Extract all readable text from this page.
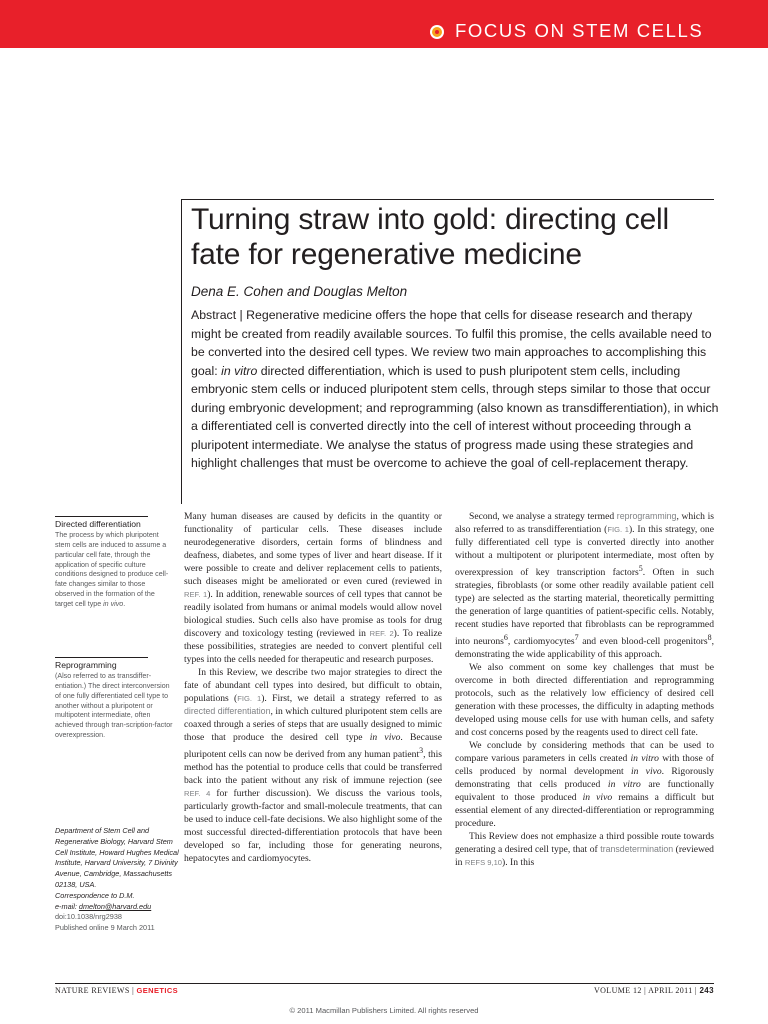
FOCUS ON STEM CELLS
Turning straw into gold: directing cell fate for regenerative medicine
Dena E. Cohen and Douglas Melton
Abstract | Regenerative medicine offers the hope that cells for disease research and therapy might be created from readily available sources. To fulfil this promise, the cells available need to be converted into the desired cell types. We review two main approaches to accomplishing this goal: in vitro directed differentiation, which is used to push pluripotent stem cells, including embryonic stem cells or induced pluripotent stem cells, through steps similar to those that occur during embryonic development; and reprogramming (also known as transdifferentiation), in which a differentiated cell is converted directly into the cell of interest without proceeding through a pluripotent intermediate. We analyse the status of progress made using these strategies and highlight challenges that must be overcome to achieve the goal of cell-replacement therapy.

Directed differentiation

The process by which pluripotent stem cells are induced to assume a particular cell fate, through the application of specific culture conditions designed to produce cell-fate changes similar to those observed in the formation of the target cell type in vivo.

Reprogramming

(Also referred to as transdiffer-entiation.) The direct interconversion of one fully differentiated cell type to another without a pluripotent or multipotent intermediate, often achieved through tran-scription-factor overexpression.

Department of Stem Cell and Regenerative Biology, Harvard Stem Cell Institute, Howard Hughes Medical Institute, Harvard University, 7 Divinity Avenue, Cambridge, Massachusetts 02138, USA.
Correspondence to D.M.
e-mail: dmelton@harvard.edu
doi:10.1038/nrg2938
Published online 9 March 2011

Many human diseases are caused by deficits in the quantity or functionality of particular cells. These diseases include neurodegenerative disorders, certain forms of blindness and deafness, diabetes, and some types of liver and heart disease. If it were possible to create and deliver replacement cells to patients, such diseases might be ameliorated or even cured (reviewed in REF. 1). In addition, renewable sources of cell types that cannot be readily isolated from humans or animal models would allow novel biological studies. Such cells also have promise as tools for drug discovery and toxicology testing (reviewed in REF. 2). To realize these possibilities, strategies are needed to convert plentiful cell types into the cells needed for therapeutic and research purposes.

In this Review, we describe two major strategies to direct the fate of abundant cell types into desired, but difficult to obtain, populations (FIG. 1). First, we detail a strategy referred to as directed differentiation, in which cultured pluripotent stem cells are coaxed through a series of steps that are usually designed to mimic those that produce the desired cell type in vivo. Because pluripotent cells can now be derived from any human patient$^3$, this method has the potential to produce cells that could be transferred back into the patient without any risk of immune rejection (see REF. 4 for further discussion). We discuss the various tools, particularly growth-factor and small-molecule treatments, that can be used to induce cell-fate decisions. We also highlight some of the most successful directed-differentiation protocols that have been developed so far, including those for generating neurons, hepatocytes and cardiomyocytes.

Second, we analyse a strategy termed reprogramming, which is also referred to as transdifferentiation (FIG. 1). In this strategy, one fully differentiated cell type is converted directly into another without a multipotent or pluripotent intermediate, most often by overexpression of key transcription factors$^5$. Often in such strategies, fibroblasts (or some other readily available patient cell type) are selected as the starting material, theoretically permitting the generation of large quantities of patient-specific cells. Notably, recent studies have reported that fibroblasts can be reprogrammed into neurons$^6$, cardiomyocytes$^7$ and even blood-cell progenitors$^8$, demonstrating the wide applicability of this approach.

We also comment on some key challenges that must be overcome in both directed differentiation and reprogramming protocols, such as the relatively low efficiency of desired cell generation with these processes, the difficulty in adapting methods developed using mouse cells for use with human cells, and safety and cost concerns posed by the reagents used to direct cell fate.

We conclude by considering methods that can be used to compare various parameters in cells created in vitro with those of cells produced by normal development in vivo. Rigorously demonstrating that cells produced in vitro are functionally equivalent to those produced in vivo remains a difficult but essential element of any directed-differentiation or reprogramming procedure.

This Review does not emphasize a third possible route towards generating a desired cell type, that of transdetermination (reviewed in REFS 9,10). In this

NATURE REVIEWS | GENETICS	VOLUME 12 | APRIL 2011 | 243
© 2011 Macmillan Publishers Limited. All rights reserved
